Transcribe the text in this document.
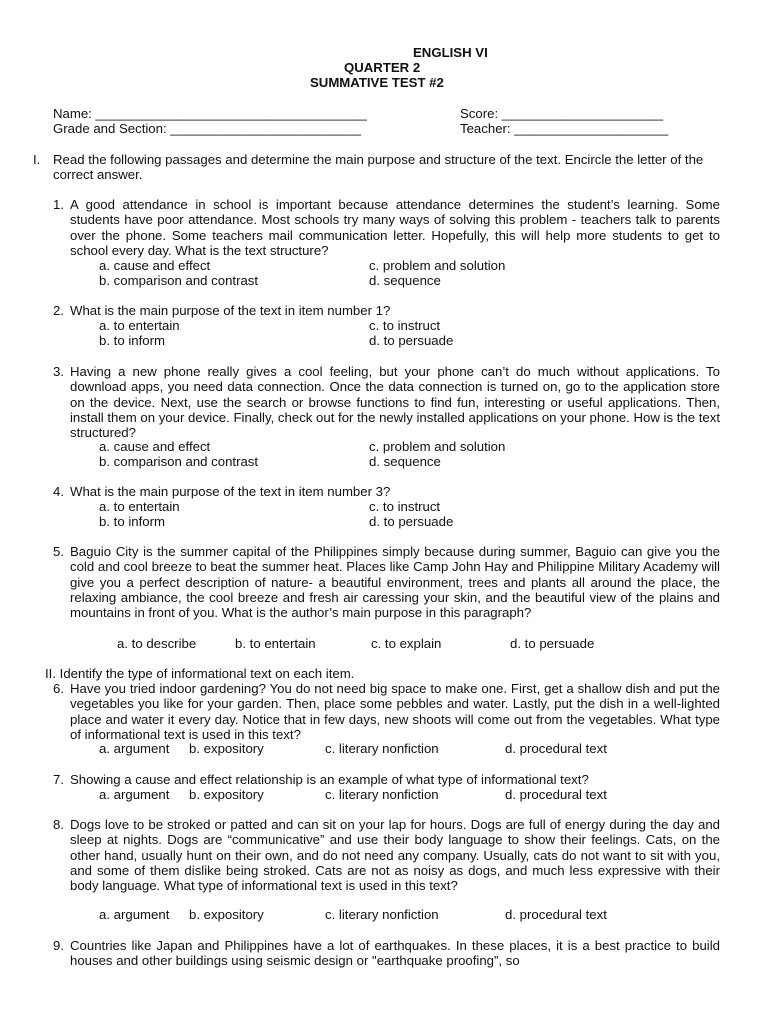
ENGLISH VI
QUARTER 2
SUMMATIVE TEST #2
Name: _____________________________________	Score: ______________________
Grade and Section: __________________________	Teacher: _____________________
I. Read the following passages and determine the main purpose and structure of the text. Encircle the letter of the correct answer.
1. A good attendance in school is important because attendance determines the student’s learning. Some students have poor attendance. Most schools try many ways of solving this problem - teachers talk to parents over the phone. Some teachers mail communication letter. Hopefully, this will help more students to get to school every day. What is the text structure?
a. cause and effect	c. problem and solution
b. comparison and contrast	d. sequence
2. What is the main purpose of the text in item number 1?
a. to entertain	c. to instruct
b. to inform	d. to persuade
3. Having a new phone really gives a cool feeling, but your phone can’t do much without applications. To download apps, you need data connection. Once the data connection is turned on, go to the application store on the device. Next, use the search or browse functions to find fun, interesting or useful applications. Then, install them on your device. Finally, check out for the newly installed applications on your phone. How is the text structured?
a. cause and effect	c. problem and solution
b. comparison and contrast	d. sequence
4. What is the main purpose of the text in item number 3?
a. to entertain	c. to instruct
b. to inform	d. to persuade
5. Baguio City is the summer capital of the Philippines simply because during summer, Baguio can give you the cold and cool breeze to beat the summer heat. Places like Camp John Hay and Philippine Military Academy will give you a perfect description of nature- a beautiful environment, trees and plants all around the place, the relaxing ambiance, the cool breeze and fresh air caressing your skin, and the beautiful view of the plains and mountains in front of you. What is the author’s main purpose in this paragraph?
a. to describe	b. to entertain	c. to explain	d. to persuade
II. Identify the type of informational text on each item.
6. Have you tried indoor gardening? You do not need big space to make one. First, get a shallow dish and put the vegetables you like for your garden. Then, place some pebbles and water. Lastly, put the dish in a well-lighted place and water it every day. Notice that in few days, new shoots will come out from the vegetables. What type of informational text is used in this text?
a. argument b. expository	c. literary nonfiction	d. procedural text
7. Showing a cause and effect relationship is an example of what type of informational text?
a. argument b. expository	c. literary nonfiction	d. procedural text
8. Dogs love to be stroked or patted and can sit on your lap for hours. Dogs are full of energy during the day and sleep at nights. Dogs are “communicative” and use their body language to show their feelings. Cats, on the other hand, usually hunt on their own, and do not need any company. Usually, cats do not want to sit with you, and some of them dislike being stroked. Cats are not as noisy as dogs, and much less expressive with their body language. What type of informational text is used in this text?
a. argument b. expository	c. literary nonfiction	d. procedural text
9. Countries like Japan and Philippines have a lot of earthquakes. In these places, it is a best practice to build houses and other buildings using seismic design or "earthquake proofing”, so
